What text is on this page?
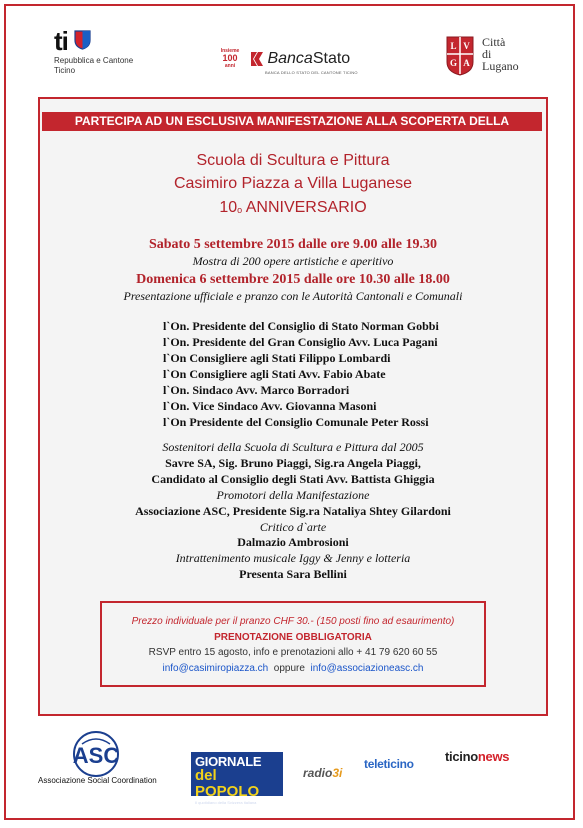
ti
Repubblica e Cantone
Ticino
Insieme
100
anni	BancaStato
BANCA DELLO STATO DEL CANTONE TICINO
L V
G A
Città
di
Lugano
PARTECIPA AD UN ESCLUSIVA MANIFESTAZIONE ALLA SCOPERTA DELLA
Scuola di Scultura e Pittura
Casimiro Piazza a Villa Luganese
10$^o$ ANNIVERSARIO
Sabato 5 settembre 2015 dalle ore 9.00 alle 19.30
Mostra di 200 opere artistiche e aperitivo
Domenica 6 settembre 2015 dalle ore 10.30 alle 18.00
Presentazione ufficiale e pranzo con le Autorità Cantonali e Comunali
l`On. Presidente del Consiglio di Stato Norman Gobbi
l`On. Presidente del Gran Consiglio Avv. Luca Pagani
l`On Consigliere agli Stati Filippo Lombardi
l`On Consigliere agli Stati Avv. Fabio Abate
l`On. Sindaco Avv. Marco Borradori
l`On. Vice Sindaco Avv. Giovanna Masoni
l`On Presidente del Consiglio Comunale Peter Rossi
Sostenitori della Scuola di Scultura e Pittura dal 2005
Savre SA, Sig. Bruno Piaggi, Sig.ra Angela Piaggi,
Candidato al Consiglio degli Stati Avv. Battista Ghiggia
Promotori della Manifestazione
Associazione ASC, Presidente Sig.ra Nataliya Shtey Gilardoni
Critico d`arte
Dalmazio Ambrosioni
Intrattenimento musicale Iggy & Jenny e lotteria
Presenta Sara Bellini
Prezzo individuale per il pranzo CHF 30.- (150 posti fino ad esaurimento)
PRENOTAZIONE OBBLIGATORIA
RSVP entro 15 agosto, info e prenotazioni allo + 41 79 620 60 55
info@casimiropiazza.ch oppure info@associazioneasc.ch
ASC
Associazione Social Coordination
GIORNALE
del POPOLO
Il quotidiano della Svizzera italiana
radio3i
teleticino ticinonews
